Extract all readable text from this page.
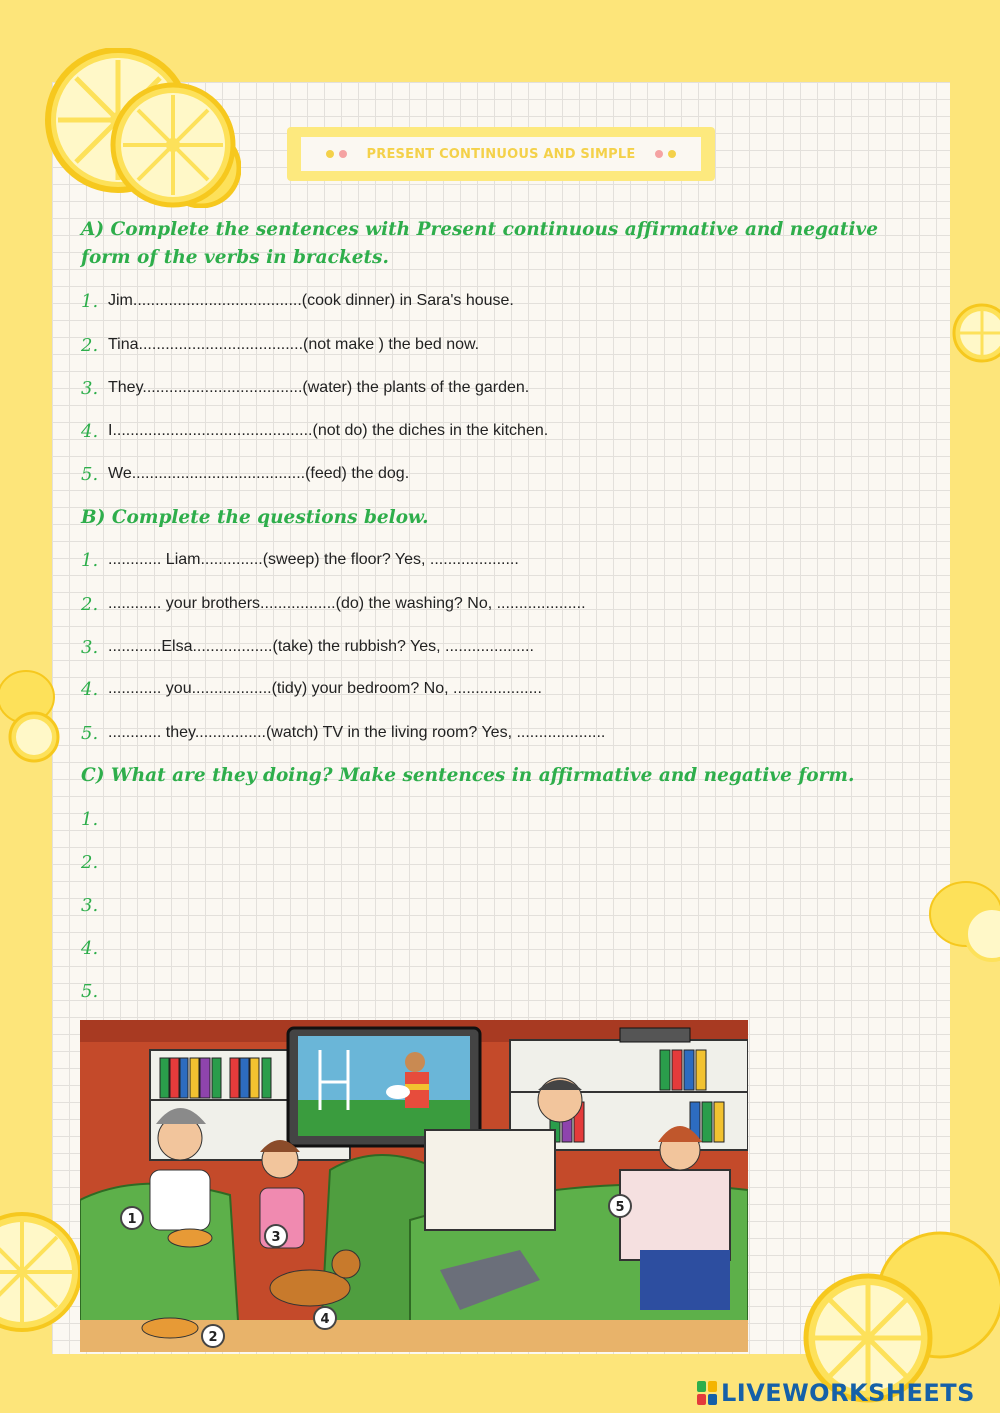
PRESENT CONTINUOUS AND SIMPLE

A) Complete the sentences with Present continuous affirmative and negative

form of the verbs in brackets.

1. Jim......................................(cook dinner) in Sara's house.
2. Tina.....................................(not make ) the bed now.
3. They....................................(water) the plants of the garden.
4. I.............................................(not do) the diches in the kitchen.
5. We.......................................(feed) the dog.

B) Complete the questions below.

1. ............ Liam..............(sweep) the floor? Yes, ....................
2. ............ your brothers.................(do) the washing? No, ....................
3. ............Elsa..................(take) the rubbish? Yes, ....................
4. ............ you..................(tidy) your bedroom? No, ....................
5. ............ they................(watch) TV in the living room? Yes, ....................

C) What are they doing? Make sentences in affirmative and negative form.

1.
2.
3.
4.
5.
1
2
3
4
5
LIVEWORKSHEETS
